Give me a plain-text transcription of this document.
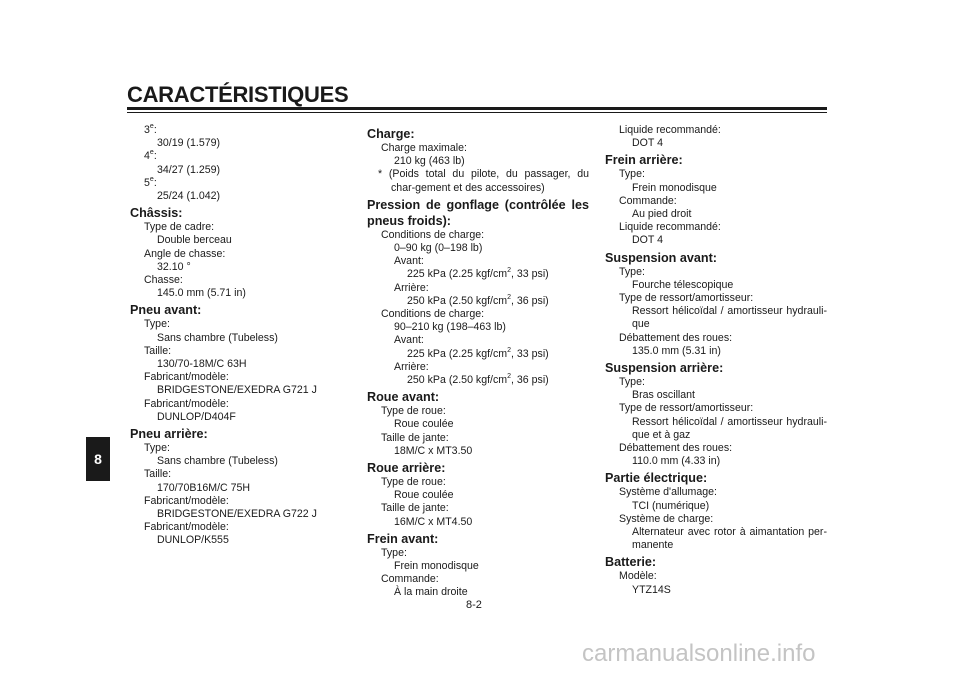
CARACTÉRISTIQUES
8
3e:
30/19 (1.579)
4e:
34/27 (1.259)
5e:
25/24 (1.042)
Châssis:
Type de cadre:
Double berceau
Angle de chasse:
32.10 °
Chasse:
145.0 mm (5.71 in)
Pneu avant:
Type:
Sans chambre (Tubeless)
Taille:
130/70-18M/C 63H
Fabricant/modèle:
BRIDGESTONE/EXEDRA G721 J
Fabricant/modèle:
DUNLOP/D404F
Pneu arrière:
Type:
Sans chambre (Tubeless)
Taille:
170/70B16M/C 75H
Fabricant/modèle:
BRIDGESTONE/EXEDRA G722 J
Fabricant/modèle:
DUNLOP/K555
Charge:
Charge maximale:
210 kg (463 lb)
* (Poids total du pilote, du passager, du char-gement et des accessoires)
Pression de gonflage (contrôlée les pneus froids):
Conditions de charge:
0–90 kg (0–198 lb)
Avant:
225 kPa (2.25 kgf/$cm^2$, 33 psi)
Arrière:
250 kPa (2.50 kgf/$cm^2$, 36 psi)
Conditions de charge:
90–210 kg (198–463 lb)
Avant:
225 kPa (2.25 kgf/$cm^2$, 33 psi)
Arrière:
250 kPa (2.50 kgf/$cm^2$, 36 psi)
Roue avant:
Type de roue:
Roue coulée
Taille de jante:
18M/C x MT3.50
Roue arrière:
Type de roue:
Roue coulée
Taille de jante:
16M/C x MT4.50
Frein avant:
Type:
Frein monodisque
Commande:
À la main droite
Liquide recommandé:
DOT 4
Frein arrière:
Type:
Frein monodisque
Commande:
Au pied droit
Liquide recommandé:
DOT 4
Suspension avant:
Type:
Fourche télescopique
Type de ressort/amortisseur:
Ressort hélicoïdal / amortisseur hydrauli-que
Débattement des roues:
135.0 mm (5.31 in)
Suspension arrière:
Type:
Bras oscillant
Type de ressort/amortisseur:
Ressort hélicoïdal / amortisseur hydrauli-que et à gaz
Débattement des roues:
110.0 mm (4.33 in)
Partie électrique:
Système d'allumage:
TCI (numérique)
Système de charge:
Alternateur avec rotor à aimantation per-manente
Batterie:
Modèle:
YTZ14S
8-2
carmanualsonline.info
